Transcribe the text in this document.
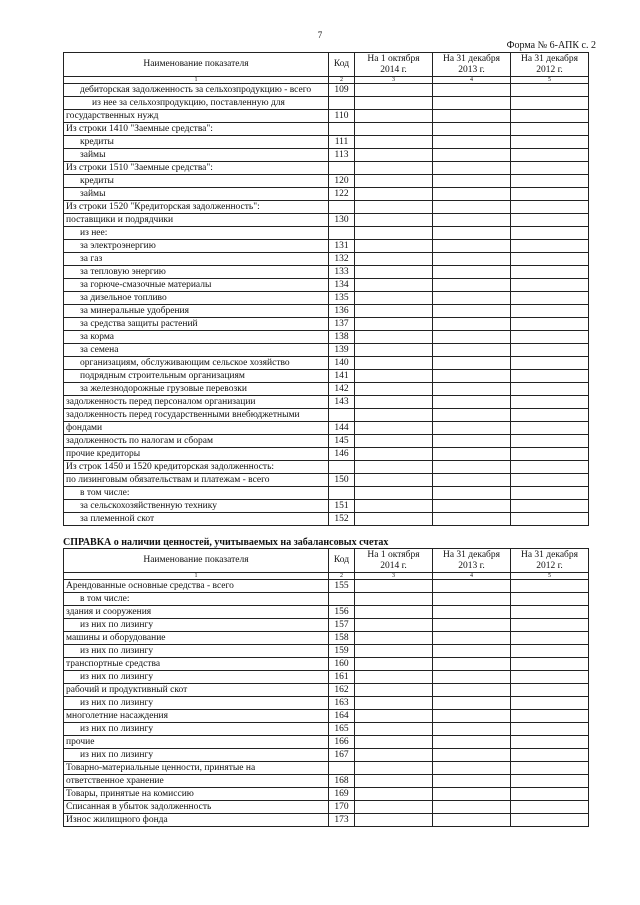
7
Форма № 6-АПК с. 2
Наименование показателя	Код	На 1 октября 2014 г.	На 31 декабря 2013 г.	На 31 декабря 2012 г.
1	2	3	4	5
дебиторская задолженность за сельхозпродукцию - всего	109			
из нее за сельхозпродукцию, поставленную для				
государственных нужд	110			
Из строки 1410 "Заемные средства":				
кредиты	111			
займы	113			
Из строки 1510 "Заемные средства":				
кредиты	120			
займы	122			
Из строки 1520 "Кредиторская задолженность":				
поставщики и подрядчики	130			
из нее:				
за электроэнергию	131			
за газ	132			
за тепловую энергию	133			
за горюче-смазочные материалы	134			
за дизельное топливо	135			
за минеральные удобрения	136			
за средства защиты растений	137			
за корма	138			
за семена	139			
организациям, обслуживающим сельское хозяйство	140			
подрядным строительным организациям	141			
за железнодорожные грузовые перевозки	142			
задолженность перед персоналом организации	143			
задолженность перед государственными внебюджетными				
фондами	144			
задолженность по налогам и сборам	145			
прочие кредиторы	146			
Из строк 1450 и 1520 кредиторская задолженность:				
по лизинговым обязательствам и платежам - всего	150			
в том числе:				
за сельскохозяйственную технику	151			
за племенной скот	152			
СПРАВКА о наличии ценностей, учитываемых на забалансовых счетах
Наименование показателя	Код	На 1 октября 2014 г.	На 31 декабря 2013 г.	На 31 декабря 2012 г.
1	2	3	4	5
Арендованные основные средства - всего	155			
в том числе:				
здания и сооружения	156			
из них по лизингу	157			
машины и оборудование	158			
из них по лизингу	159			
транспортные средства	160			
из них по лизингу	161			
рабочий и продуктивный скот	162			
из них по лизингу	163			
многолетние насаждения	164			
из них по лизингу	165			
прочие	166			
из них по лизингу	167			
Товарно-материальные ценности, принятые на				
ответственное хранение	168			
Товары, принятые на комиссию	169			
Списанная в убыток задолженность	170			
Износ жилищного фонда	173			
